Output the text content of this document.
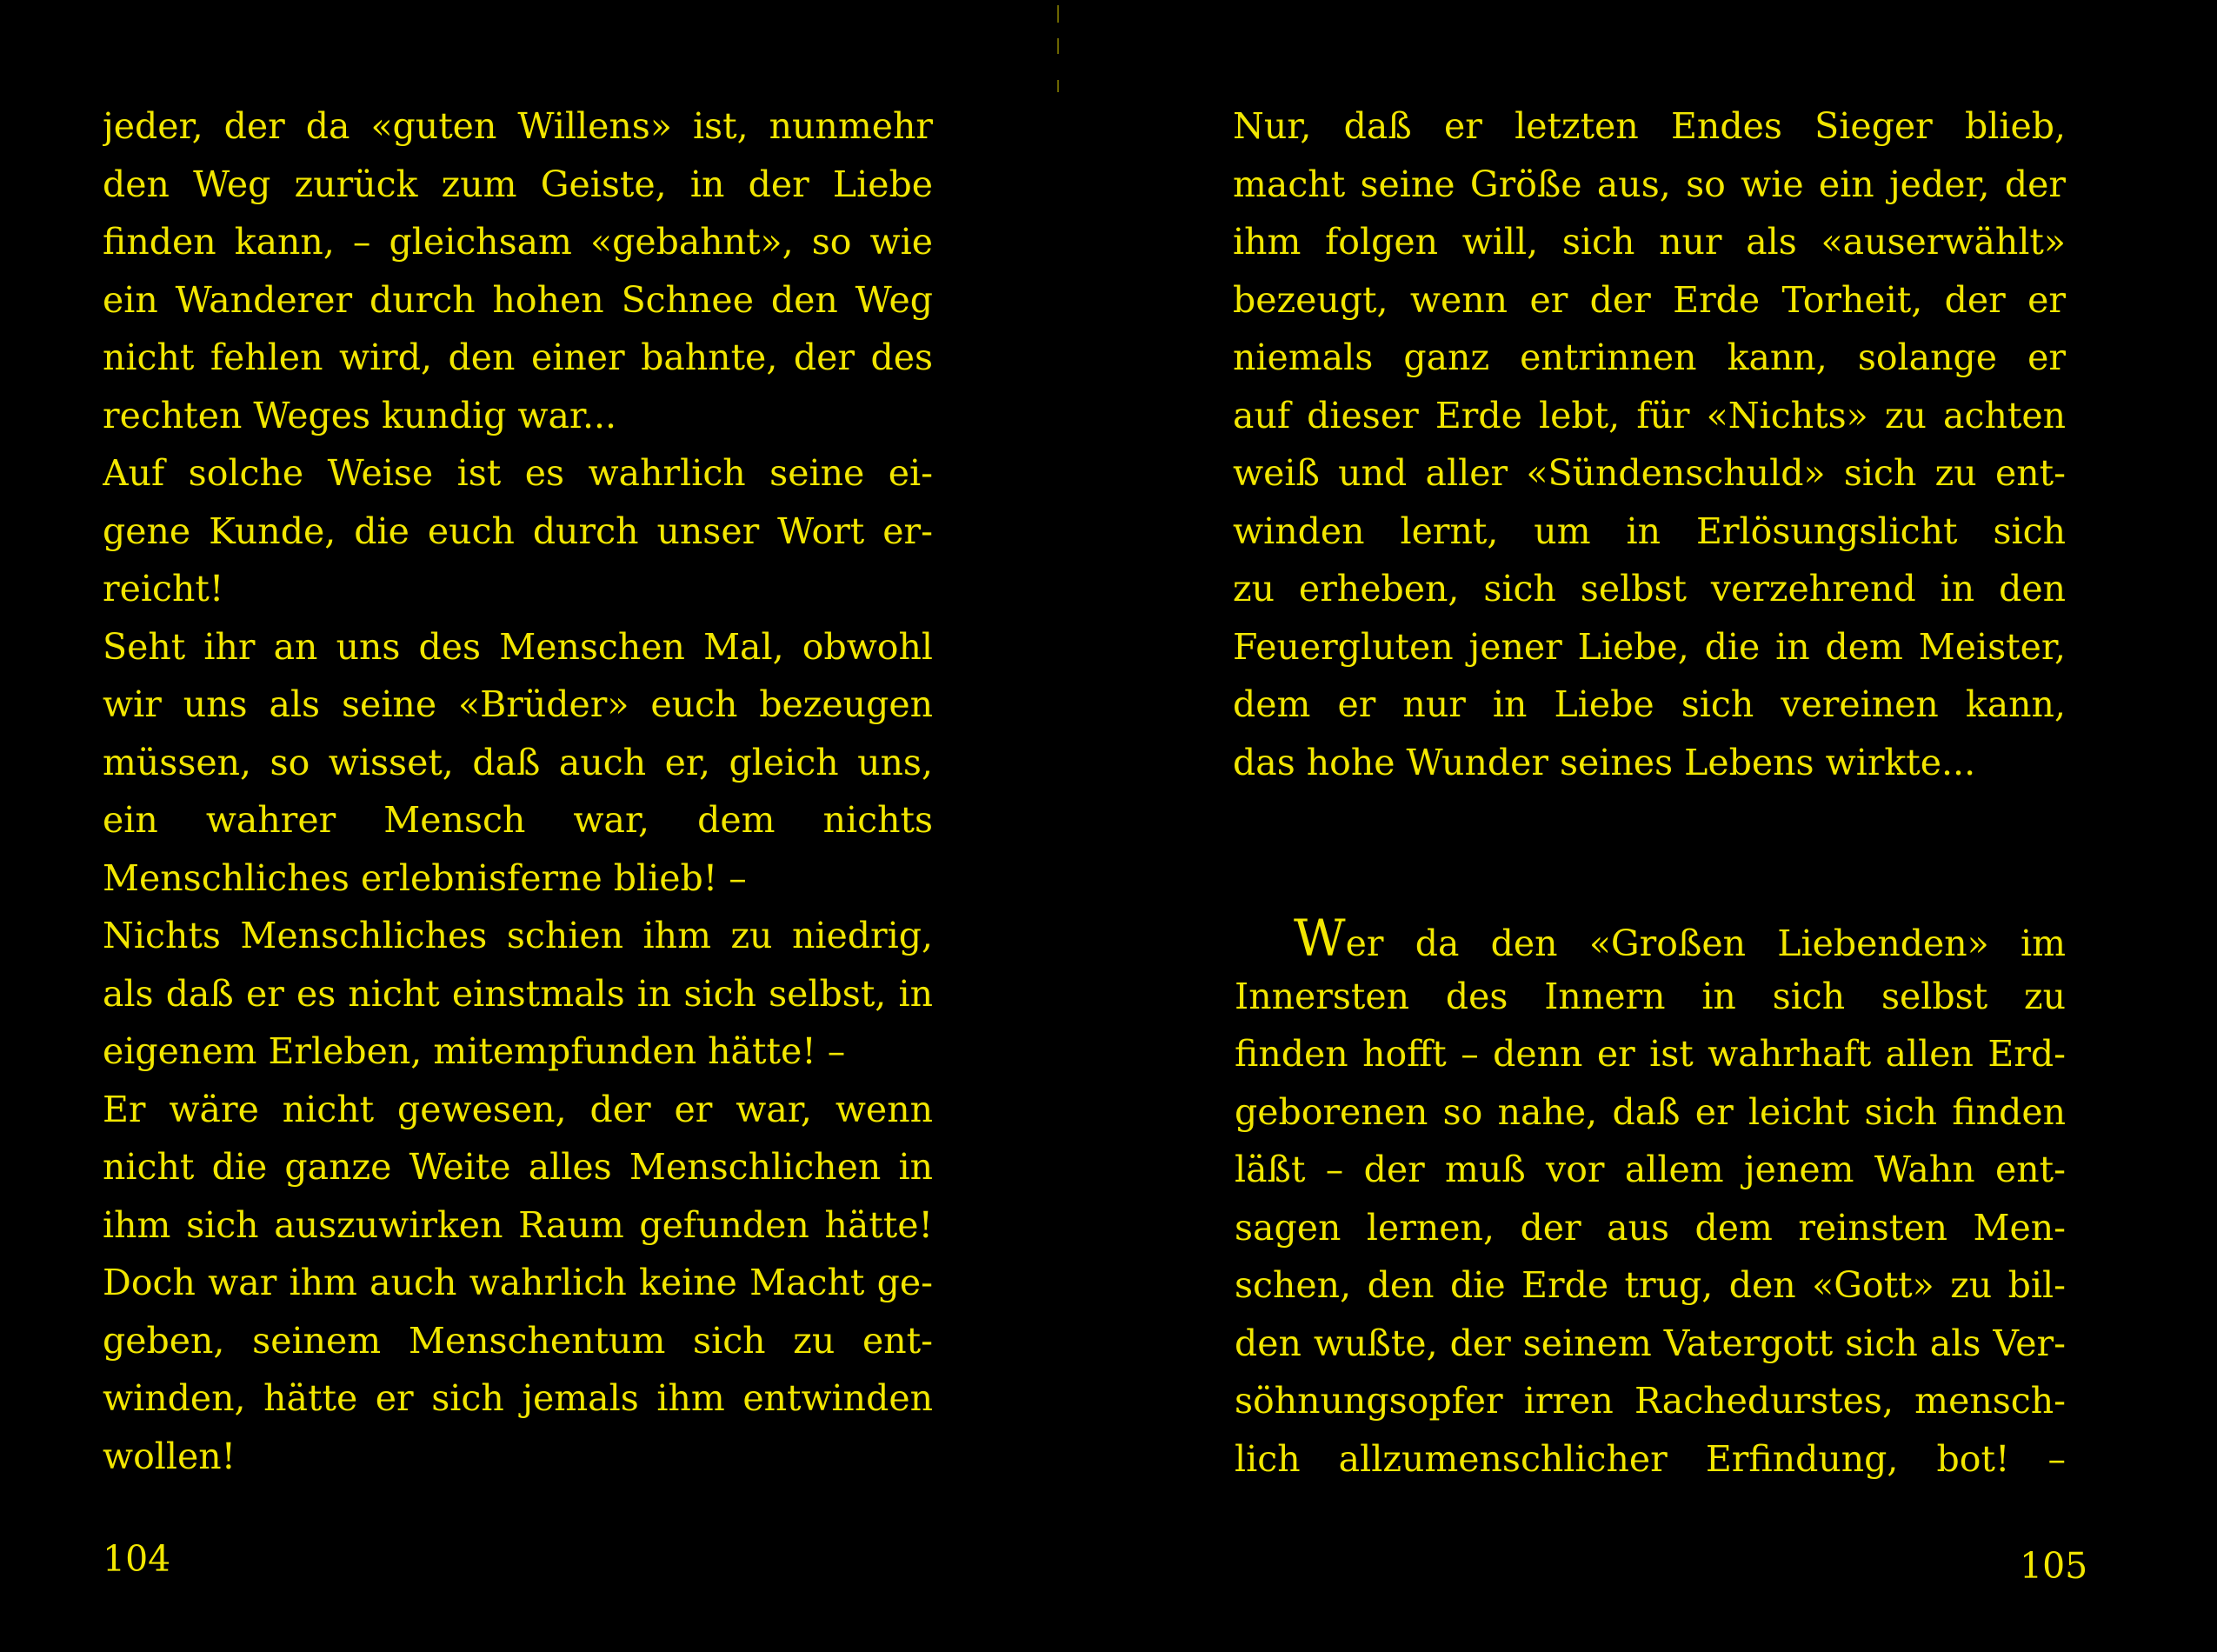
jeder, der da «guten Willens» ist, nunmehr
den Weg zurück zum Geiste, in der Liebe
finden kann, – gleichsam «gebahnt», so wie
ein Wanderer durch hohen Schnee den Weg
nicht fehlen wird, den einer bahnte, der des
rechten Weges kundig war...
Auf solche Weise ist es wahrlich seine ei-
gene Kunde, die euch durch unser Wort er-
reicht!
Seht ihr an uns des Menschen Mal, obwohl
wir uns als seine «Brüder» euch bezeugen
müssen, so wisset, daß auch er, gleich uns,
ein wahrer Mensch war, dem nichts
Menschliches erlebnisferne blieb! –
Nichts Menschliches schien ihm zu niedrig,
als daß er es nicht einstmals in sich selbst, in
eigenem Erleben, mitempfunden hätte! –
Er wäre nicht gewesen, der er war, wenn
nicht die ganze Weite alles Menschlichen in
ihm sich auszuwirken Raum gefunden hätte!
Doch war ihm auch wahrlich keine Macht ge-
geben, seinem Menschentum sich zu ent-
winden, hätte er sich jemals ihm entwinden
wollen!
104
Nur, daß er letzten Endes Sieger blieb,
macht seine Größe aus, so wie ein jeder, der
ihm folgen will, sich nur als «auserwählt»
bezeugt, wenn er der Erde Torheit, der er
niemals ganz entrinnen kann, solange er
auf dieser Erde lebt, für «Nichts» zu achten
weiß und aller «Sündenschuld» sich zu ent-
winden lernt, um in Erlösungslicht sich
zu erheben, sich selbst verzehrend in den
Feuergluten jener Liebe, die in dem Meister,
dem er nur in Liebe sich vereinen kann,
das hohe Wunder seines Lebens wirkte...
Wer da den «Großen Liebenden» im
Innersten des Innern in sich selbst zu
finden hofft – denn er ist wahrhaft allen Erd-
geborenen so nahe, daß er leicht sich finden
läßt – der muß vor allem jenem Wahn ent-
sagen lernen, der aus dem reinsten Men-
schen, den die Erde trug, den «Gott» zu bil-
den wußte, der seinem Vatergott sich als Ver-
söhnungsopfer irren Rachedurstes, mensch-
lich allzumenschlicher Erfindung, bot! –
105
